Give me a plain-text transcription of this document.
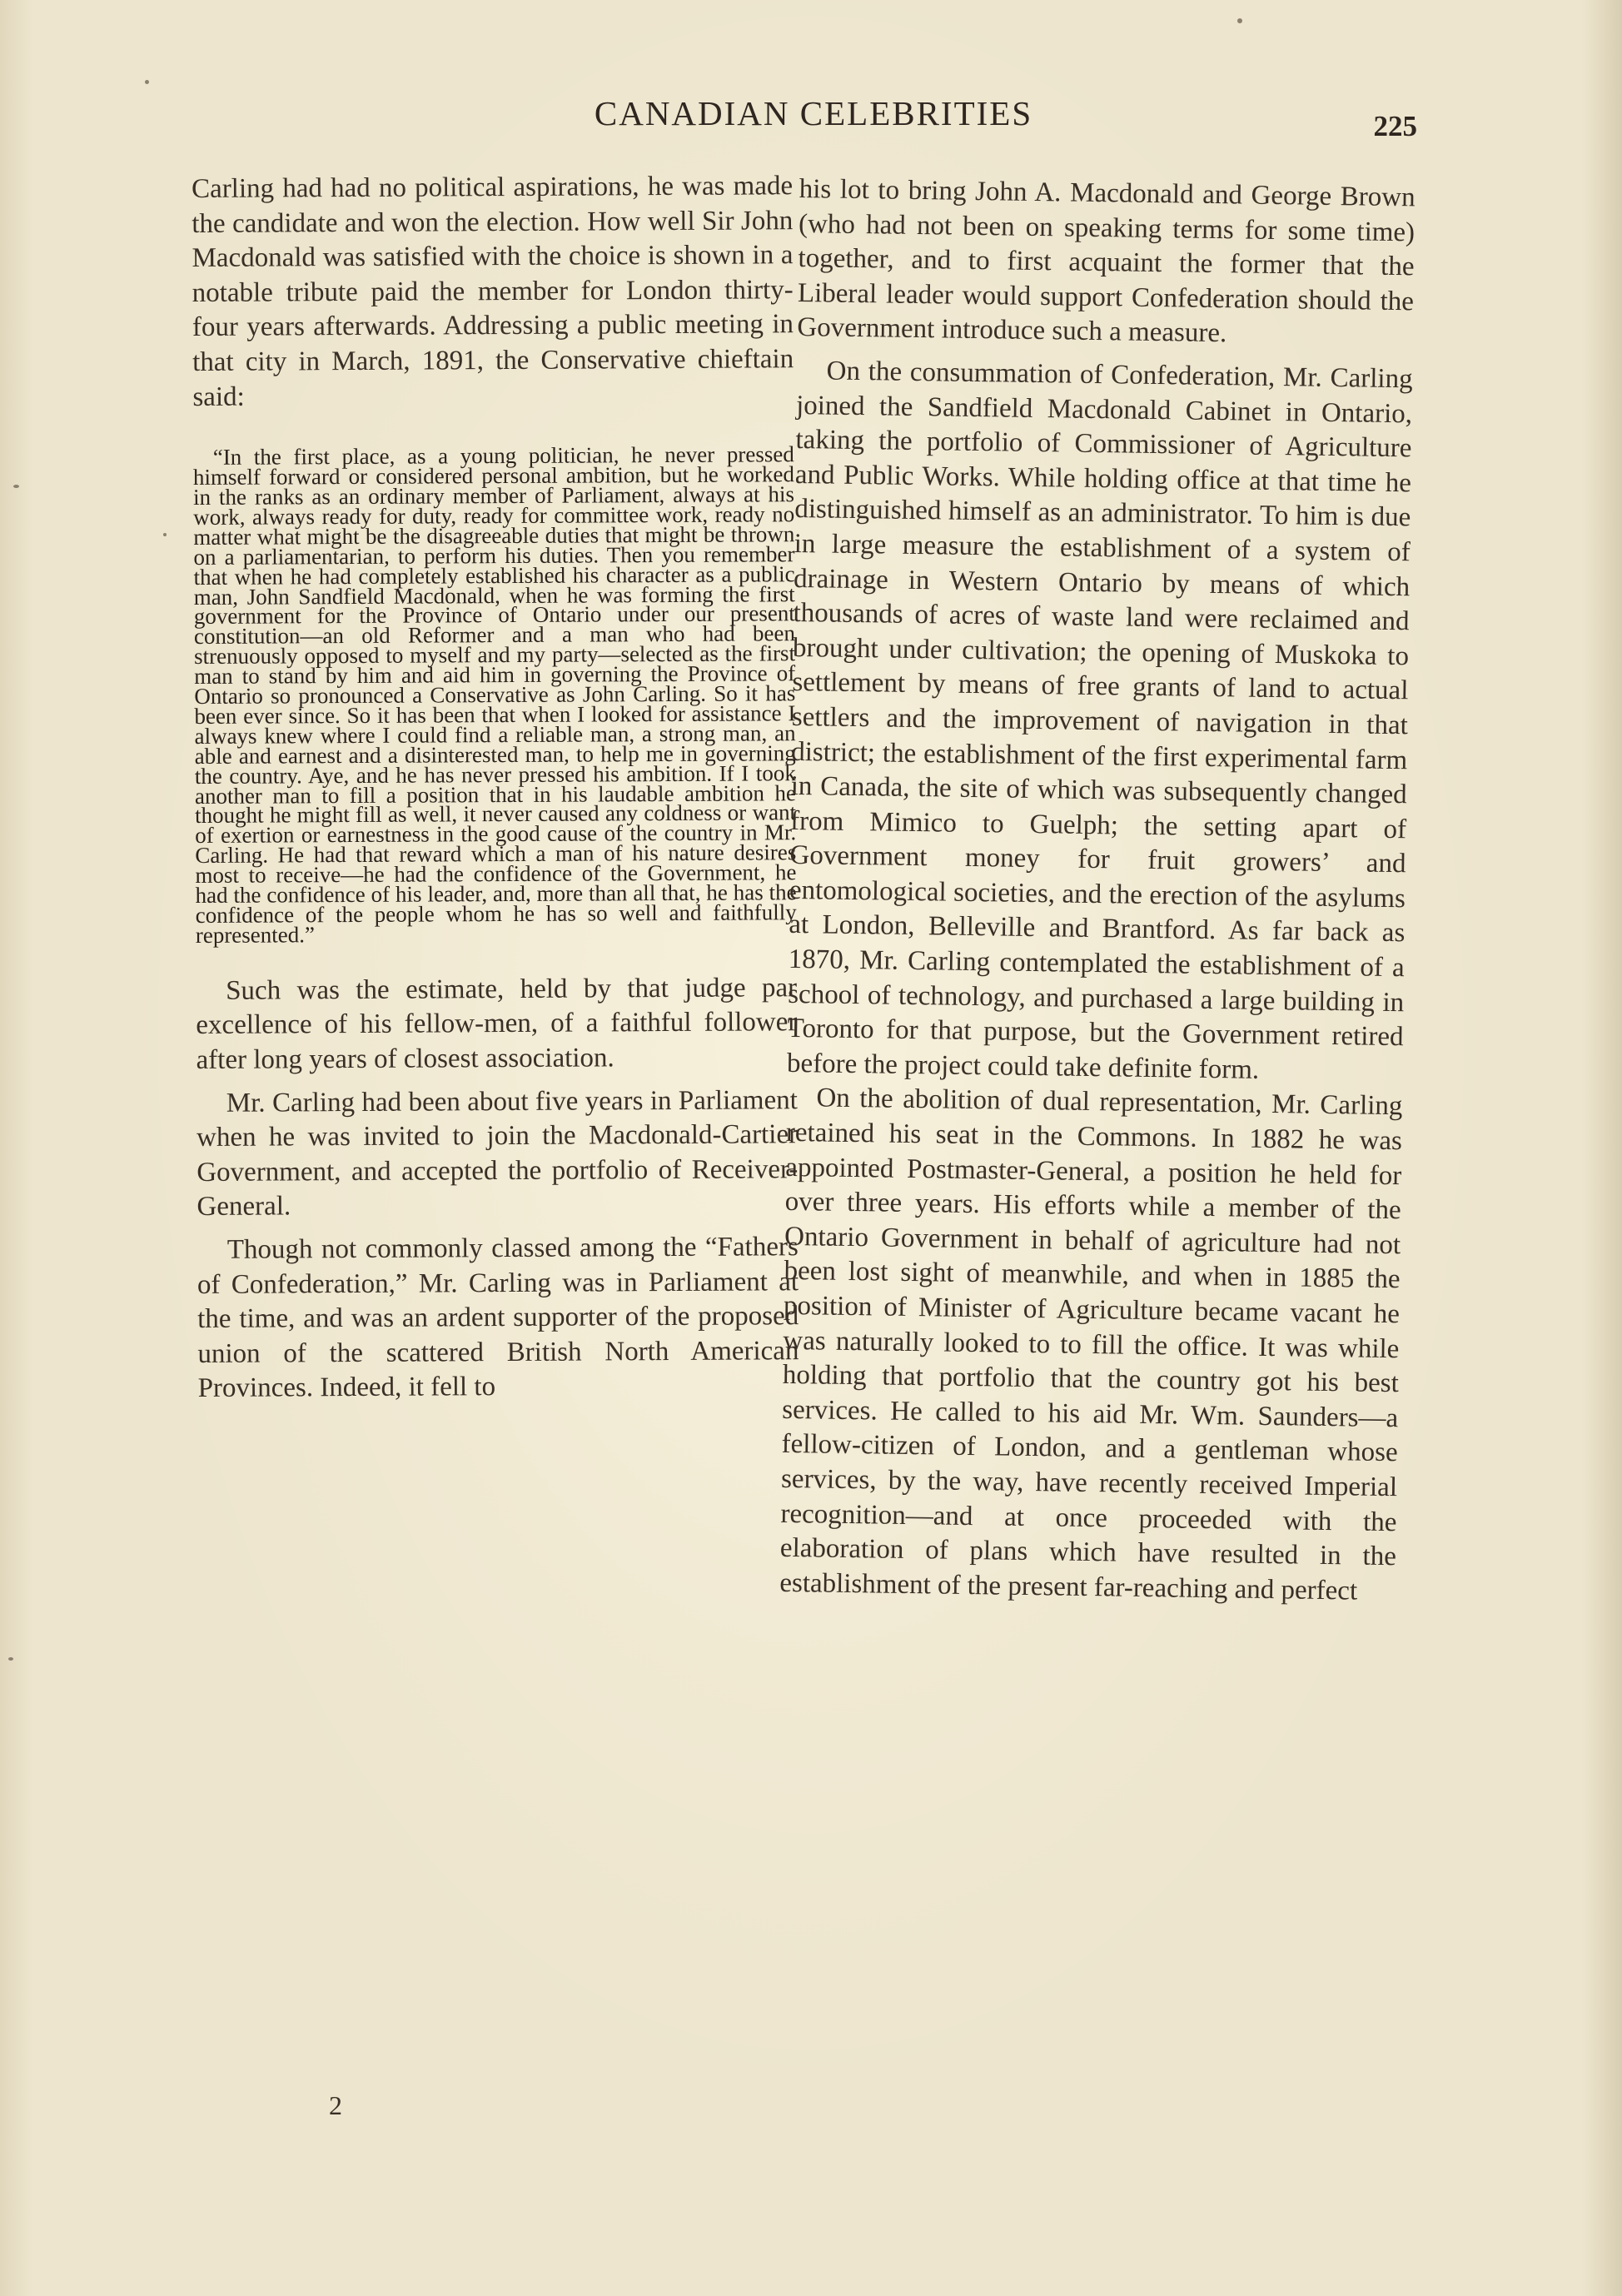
CANADIAN CELEBRITIES	225

Carling had had no political aspirations, he was made the candidate and won the election. How well Sir John Macdonald was satisfied with the choice is shown in a notable tribute paid the member for London thirty-four years afterwards. Addressing a public meeting in that city in March, 1891, the Conservative chieftain said:

“In the first place, as a young politician, he never pressed himself forward or considered personal ambition, but he worked in the ranks as an ordinary member of Parliament, always at his work, always ready for duty, ready for committee work, ready no matter what might be the disagreeable duties that might be thrown on a parliamentarian, to perform his duties. Then you remember that when he had completely established his character as a public man, John Sandfield Macdonald, when he was forming the first government for the Province of Ontario under our present constitution—an old Reformer and a man who had been strenuously opposed to myself and my party—selected as the first man to stand by him and aid him in governing the Province of Ontario so pronounced a Conservative as John Carling. So it has been ever since. So it has been that when I looked for assistance I always knew where I could find a reliable man, a strong man, an able and earnest and a disinterested man, to help me in governing the country. Aye, and he has never pressed his ambition. If I took another man to fill a position that in his laudable ambition he thought he might fill as well, it never caused any coldness or want of exertion or earnestness in the good cause of the country in Mr. Carling. He had that reward which a man of his nature desires most to receive—he had the confidence of the Government, he had the confidence of his leader, and, more than all that, he has the confidence of the people whom he has so well and faithfully represented.”

Such was the estimate, held by that judge par excellence of his fellow-men, of a faithful follower after long years of closest association.

Mr. Carling had been about five years in Parliament when he was invited to join the Macdonald-Cartier Government, and accepted the portfolio of Receiver-General.

Though not commonly classed among the “Fathers of Confederation,” Mr. Carling was in Parliament at the time, and was an ardent supporter of the proposed union of the scattered British North American Provinces. Indeed, it fell to

his lot to bring John A. Macdonald and George Brown (who had not been on speaking terms for some time) together, and to first acquaint the former that the Liberal leader would support Confederation should the Government introduce such a measure.

On the consummation of Confederation, Mr. Carling joined the Sandfield Macdonald Cabinet in Ontario, taking the portfolio of Commissioner of Agriculture and Public Works. While holding office at that time he distinguished himself as an administrator. To him is due in large measure the establishment of a system of drainage in Western Ontario by means of which thousands of acres of waste land were reclaimed and brought under cultivation; the opening of Muskoka to settlement by means of free grants of land to actual settlers and the improvement of navigation in that district; the establishment of the first experimental farm in Canada, the site of which was subsequently changed from Mimico to Guelph; the setting apart of Government money for fruit growers’ and entomological societies, and the erection of the asylums at London, Belleville and Brantford. As far back as 1870, Mr. Carling contemplated the establishment of a school of technology, and purchased a large building in Toronto for that purpose, but the Government retired before the project could take definite form.

On the abolition of dual representation, Mr. Carling retained his seat in the Commons. In 1882 he was appointed Postmaster-General, a position he held for over three years. His efforts while a member of the Ontario Government in behalf of agriculture had not been lost sight of meanwhile, and when in 1885 the position of Minister of Agriculture became vacant he was naturally looked to to fill the office. It was while holding that portfolio that the country got his best services. He called to his aid Mr. Wm. Saunders—a fellow-citizen of London, and a gentleman whose services, by the way, have recently received Imperial recognition—and at once proceeded with the elaboration of plans which have resulted in the establishment of the present far-reaching and perfect

2
